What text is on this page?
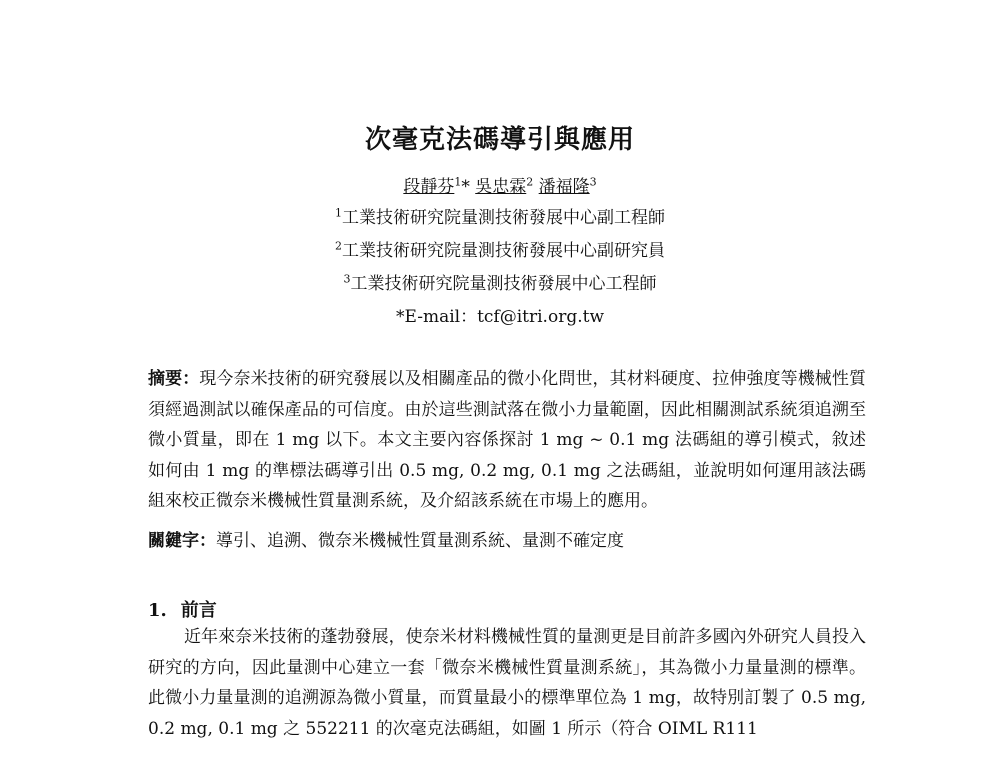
次毫克法碼導引與應用
段靜芬$^1$* 吳忠霖$^2$ 潘福隆$^3$
$^1$工業技術研究院量測技術發展中心副工程師
$^2$工業技術研究院量測技術發展中心副研究員
$^3$工業技術研究院量測技術發展中心工程師
*E-mail：tcf@itri.org.tw
摘要：現今奈米技術的研究發展以及相關產品的微小化問世，其材料硬度、拉伸強度等機械性質須經過測試以確保產品的可信度。由於這些測試落在微小力量範圍，因此相關測試系統須追溯至微小質量，即在 1 mg 以下。本文主要內容係探討 1 mg ~ 0.1 mg 法碼組的導引模式，敘述如何由 1 mg 的準標法碼導引出 0.5 mg, 0.2 mg, 0.1 mg 之法碼組，並說明如何運用該法碼組來校正微奈米機械性質量測系統，及介紹該系統在市場上的應用。
關鍵字：導引、追溯、微奈米機械性質量測系統、量測不確定度
1. 前言
近年來奈米技術的蓬勃發展，使奈米材料機械性質的量測更是目前許多國內外研究人員投入研究的方向，因此量測中心建立一套「微奈米機械性質量測系統」，其為微小力量量測的標準。此微小力量量測的追溯源為微小質量，而質量最小的標準單位為 1 mg，故特別訂製了 0.5 mg, 0.2 mg, 0.1 mg 之 552211 的次毫克法碼組，如圖 1 所示（符合 OIML R111
